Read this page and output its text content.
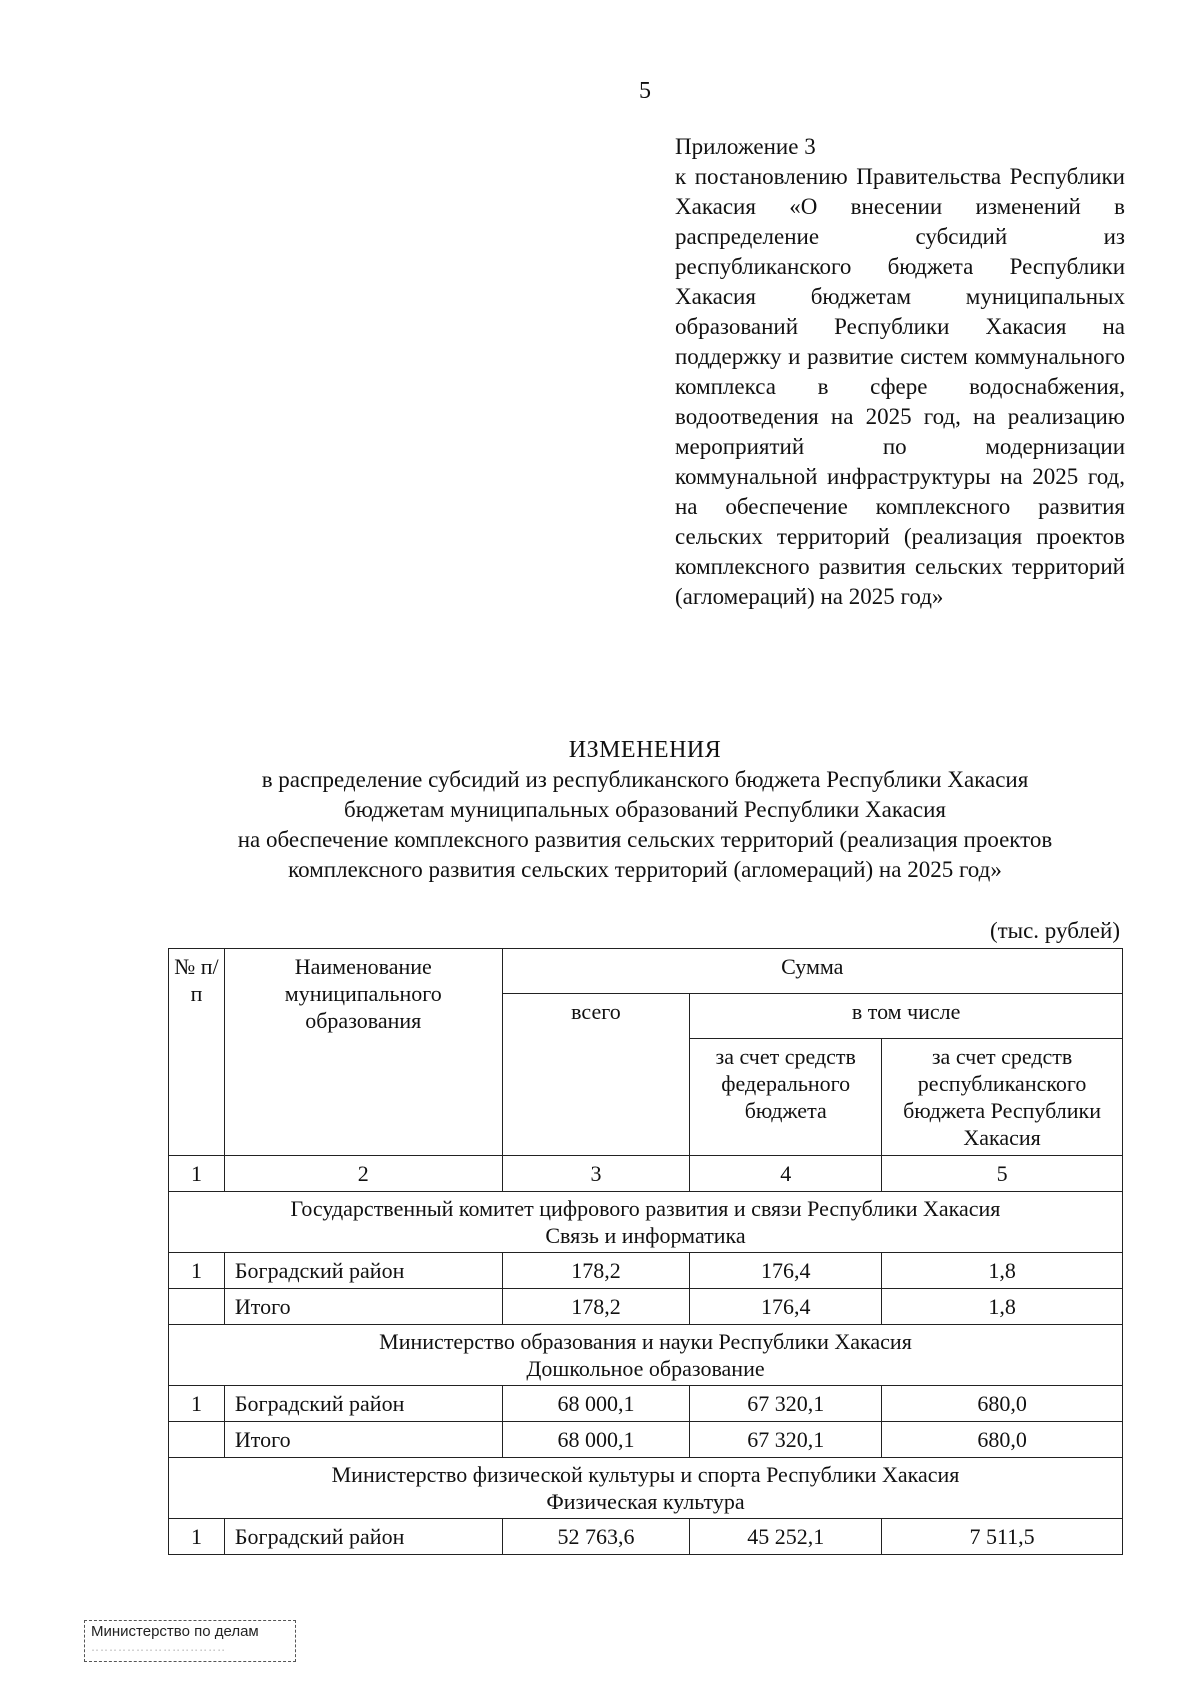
5
Приложение 3
к постановлению Правительства Республики Хакасия «О внесении изменений в распределение субсидий из республиканского бюджета Республики Хакасия бюджетам муниципальных образований Республики Хакасия на поддержку и развитие систем коммунального комплекса в сфере водоснабжения, водоотведения на 2025 год, на реализацию мероприятий по модернизации коммунальной инфраструктуры на 2025 год, на обеспечение комплексного развития сельских территорий (реализация проектов комплексного развития сельских территорий (агломераций) на 2025 год»
ИЗМЕНЕНИЯ
в распределение субсидий из республиканского бюджета Республики Хакасия
бюджетам муниципальных образований Республики Хакасия
на обеспечение комплексного развития сельских территорий (реализация проектов
комплексного развития сельских территорий (агломераций) на 2025 год»
(тыс. рублей)
№ п/п	Наименование муниципального образования	Сумма		
		всего	в том числе	
			за счет средств федерального бюджета	за счет средств республиканского бюджета Республики Хакасия
1	2	3	4	5

Государственный комитет цифрового развития и связи Республики Хакасия
Связь и информатика				

1	Боградский район	178,2	176,4	1,8
	Итого	178,2	176,4	1,8

Министерство образования и науки Республики Хакасия
Дошкольное образование				

1	Боградский район	68 000,1	67 320,1	680,0
	Итого	68 000,1	67 320,1	680,0

Министерство физической культуры и спорта Республики Хакасия
Физическая культура				

1	Боградский район	52 763,6	45 252,1	7 511,5
Министерство по делам
‥‥‥‥‥‥‥‥‥‥‥‥‥‥‥
